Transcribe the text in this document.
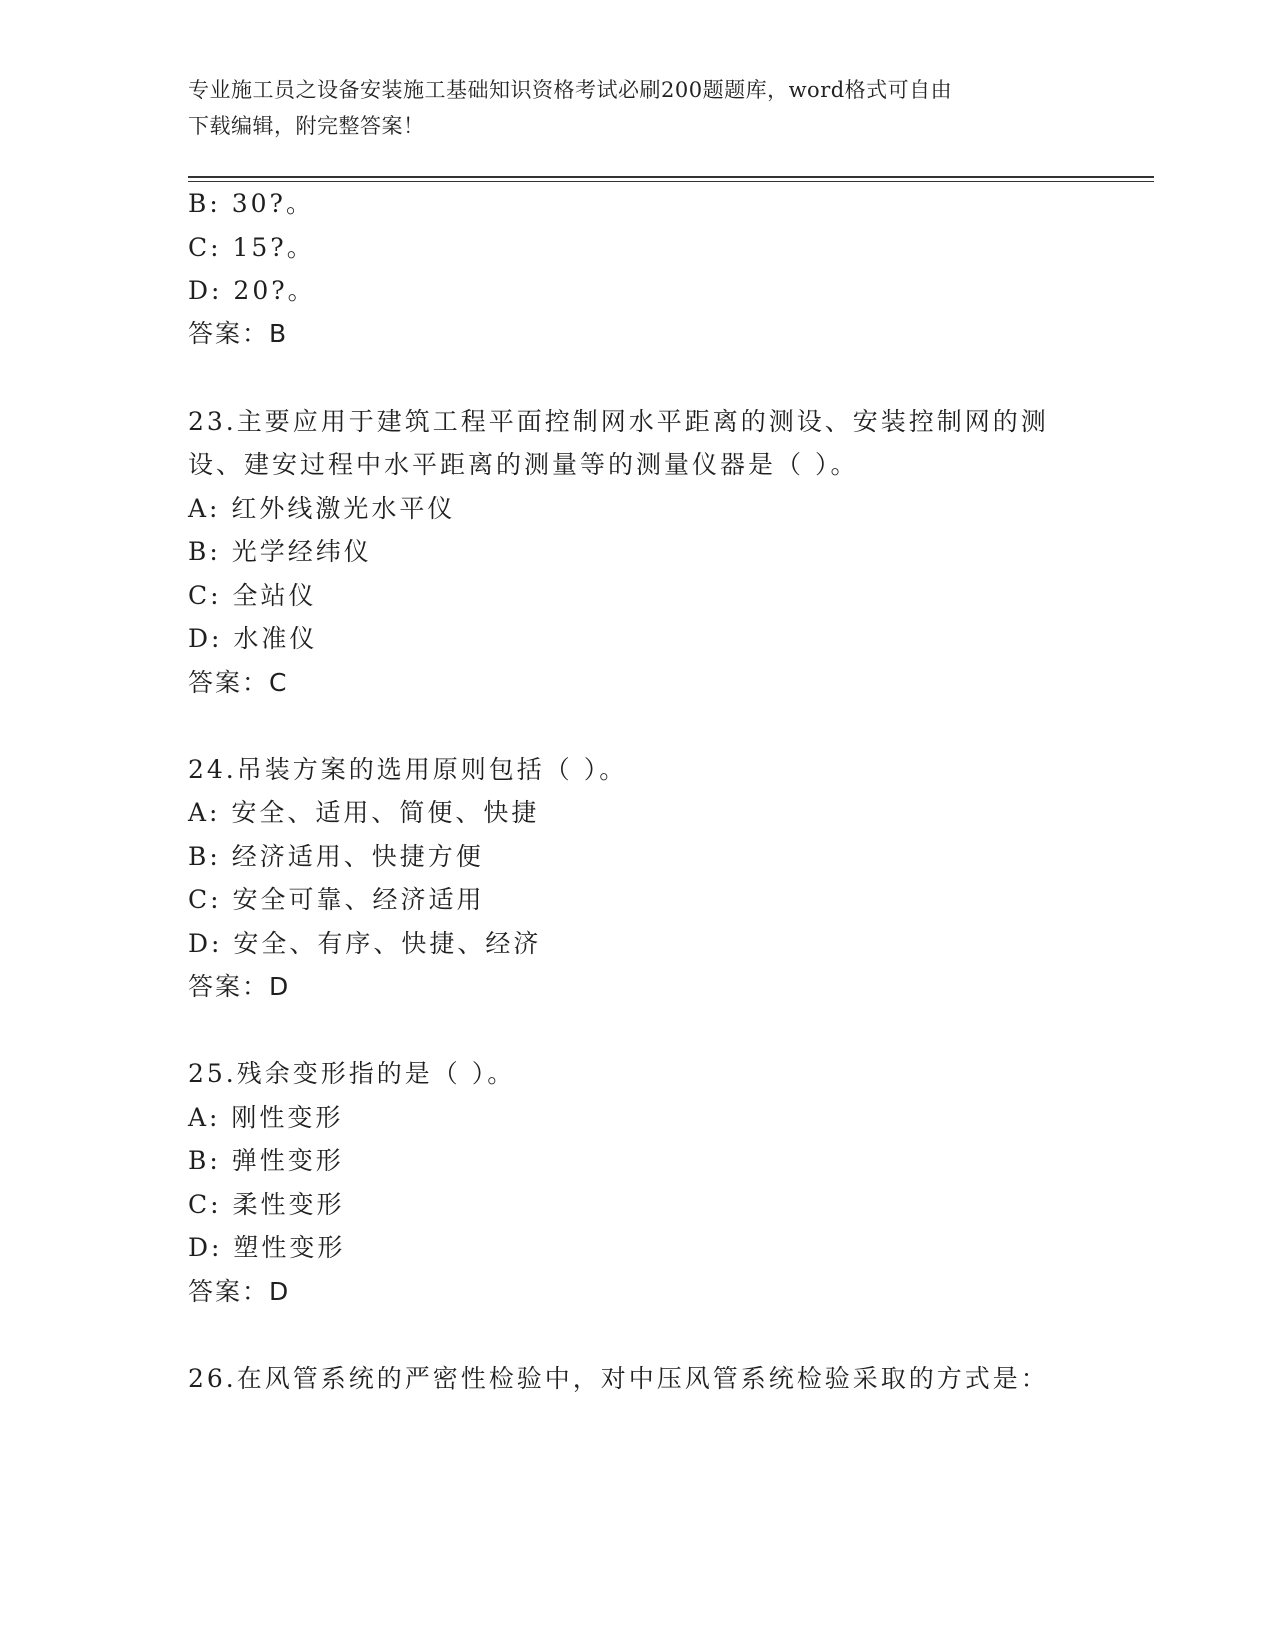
专业施工员之设备安装施工基础知识资格考试必刷200题题库，word格式可自由
下载编辑，附完整答案！
B: 30?。
C: 15?。
D: 20?。
答案：B
23.主要应用于建筑工程平面控制网水平距离的测设、安装控制网的测
设、建安过程中水平距离的测量等的测量仪器是（ ）。
A: 红外线激光水平仪
B: 光学经纬仪
C: 全站仪
D: 水准仪
答案：C
24.吊装方案的选用原则包括（ ）。
A: 安全、适用、简便、快捷
B: 经济适用、快捷方便
C: 安全可靠、经济适用
D: 安全、有序、快捷、经济
答案：D
25.残余变形指的是（ ）。
A: 刚性变形
B: 弹性变形
C: 柔性变形
D: 塑性变形
答案：D
26.在风管系统的严密性检验中，对中压风管系统检验采取的方式是：
